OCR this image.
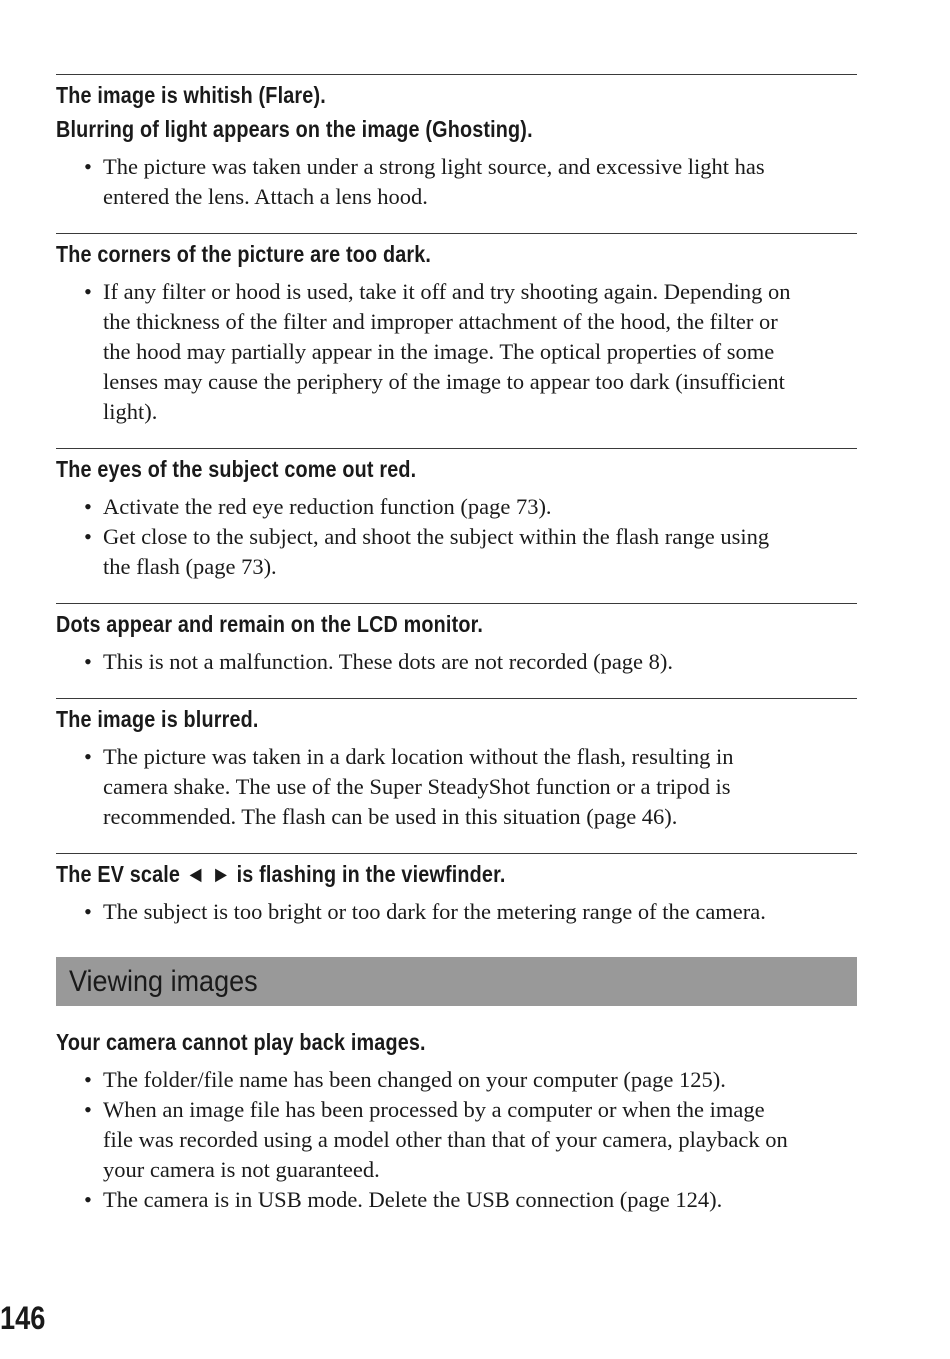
The image is whitish (Flare).
Blurring of light appears on the image (Ghosting).
• The picture was taken under a strong light source, and excessive light has
entered the lens. Attach a lens hood.
The corners of the picture are too dark.
• If any filter or hood is used, take it off and try shooting again. Depending on
the thickness of the filter and improper attachment of the hood, the filter or
the hood may partially appear in the image. The optical properties of some
lenses may cause the periphery of the image to appear too dark (insufficient
light).
The eyes of the subject come out red.
• Activate the red eye reduction function (page 73).
• Get close to the subject, and shoot the subject within the flash range using
the flash (page 73).
Dots appear and remain on the LCD monitor.
• This is not a malfunction. These dots are not recorded (page 8).
The image is blurred.
• The picture was taken in a dark location without the flash, resulting in
camera shake. The use of the Super SteadyShot function or a tripod is
recommended. The flash can be used in this situation (page 46).
The EV scale ◄ ► is flashing in the viewfinder.
• The subject is too bright or too dark for the metering range of the camera.
Viewing images
Your camera cannot play back images.
• The folder/file name has been changed on your computer (page 125).
• When an image file has been processed by a computer or when the image
file was recorded using a model other than that of your camera, playback on
your camera is not guaranteed.
• The camera is in USB mode. Delete the USB connection (page 124).
146
